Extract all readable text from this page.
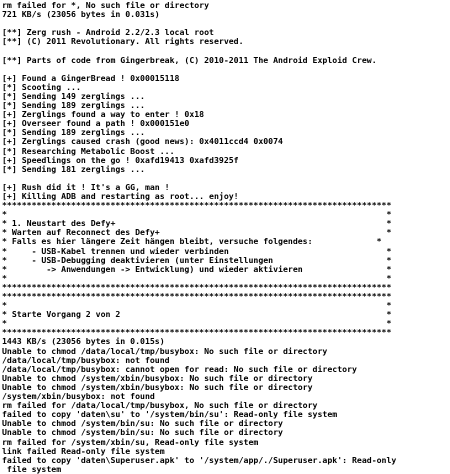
rm failed for *, No such file or directory
721 KB/s (23056 bytes in 0.031s)
[**] Zerg rush - Android 2.2/2.3 local root
[**] (C) 2011 Revolutionary. All rights reserved.
[**] Parts of code from Gingerbreak, (C) 2010-2011 The Android Exploid Crew.
[+] Found a GingerBread ! 0x00015118
[*] Scooting ...
[*] Sending 149 zerglings ...
[*] Sending 189 zerglings ...
[+] Zerglings found a way to enter ! 0x18
[+] Overseer found a path ! 0x000151e0
[*] Sending 189 zerglings ...
[+] Zerglings caused crash (good news): 0x4011ccd4 0x0074
[*] Researching Metabolic Boost ...
[+] Speedlings on the go ! 0xafd19413 0xafd3925f
[*] Sending 181 zerglings ...
[+] Rush did it ! It's a GG, man !
[+] Killing ADB and restarting as root... enjoy!
*******************************************************************************
*                                                                             *
* 1. Neustart des Defy+                                                       *
* Warten auf Reconnect des Defy+                                              *
* Falls es hier längere Zeit hängen bleibt, versuche folgendes:             *
*     - USB-Kabel trennen und wieder verbinden                                *
*     - USB-Debugging deaktivieren (unter Einstellungen                       *
*        -> Anwendungen -> Entwicklung) und wieder aktivieren                 *
*                                                                             *
*******************************************************************************
*******************************************************************************
*                                                                             *
* Starte Vorgang 2 von 2                                                      *
*                                                                             *
*******************************************************************************
1443 KB/s (23056 bytes in 0.015s)
Unable to chmod /data/local/tmp/busybox: No such file or directory
/data/local/tmp/busybox: not found
/data/local/tmp/busybox: cannot open for read: No such file or directory
Unable to chmod /system/xbin/busybox: No such file or directory
Unable to chmod /system/xbin/busybox: No such file or directory
/system/xbin/busybox: not found
rm failed for /data/local/tmp/busybox, No such file or directory
failed to copy 'daten\su' to '/system/bin/su': Read-only file system
Unable to chmod /system/bin/su: No such file or directory
Unable to chmod /system/bin/su: No such file or directory
rm failed for /system/xbin/su, Read-only file system
link failed Read-only file system
failed to copy 'daten\Superuser.apk' to '/system/app/./Superuser.apk': Read-only
file system
